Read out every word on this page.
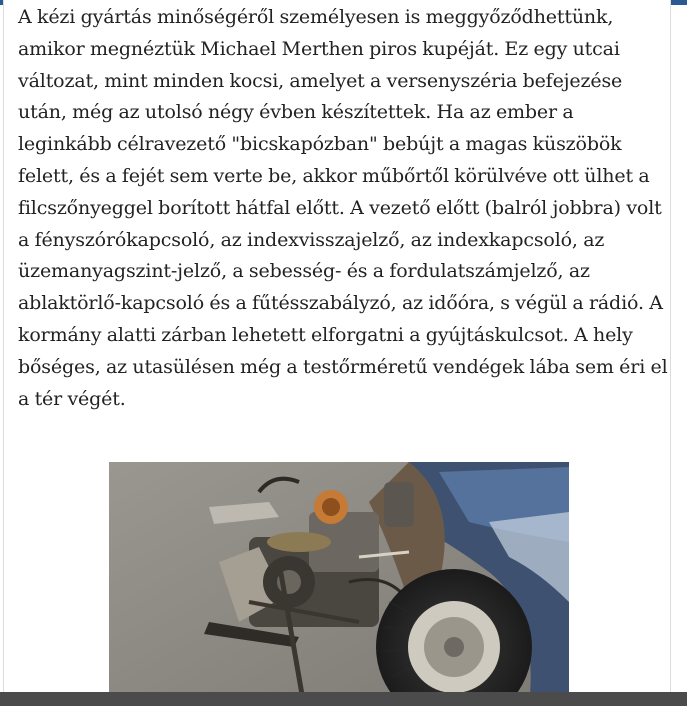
A kézi gyártás minőségéről személyesen is meggyőződhettünk, amikor megnéztük Michael Merthen piros kupéját. Ez egy utcai változat, mint minden kocsi, amelyet a versenyszéria befejezése után, még az utolsó négy évben készítettek. Ha az ember a leginkább célravezető "bicskapózban" bebújt a magas küszöbök felett, és a fejét sem verte be, akkor műbőrtől körülvéve ott ülhet a filcszőnyeggel borított hátfal előtt. A vezető előtt (balról jobbra) volt a fényszórókapcsoló, az indexvisszajelző, az indexkapcsoló, az üzemanyagszint-jelző, a sebesség- és a fordulatszámjelző, az ablaktörlő-kapcsoló és a fűtésszabályzó, az időóra, s végül a rádió. A kormány alatti zárban lehetett elforgatni a gyújtáskulcsot. A hely bőséges, az utasülésen még a testőrméretű vendégek lába sem éri el a tér végét.
